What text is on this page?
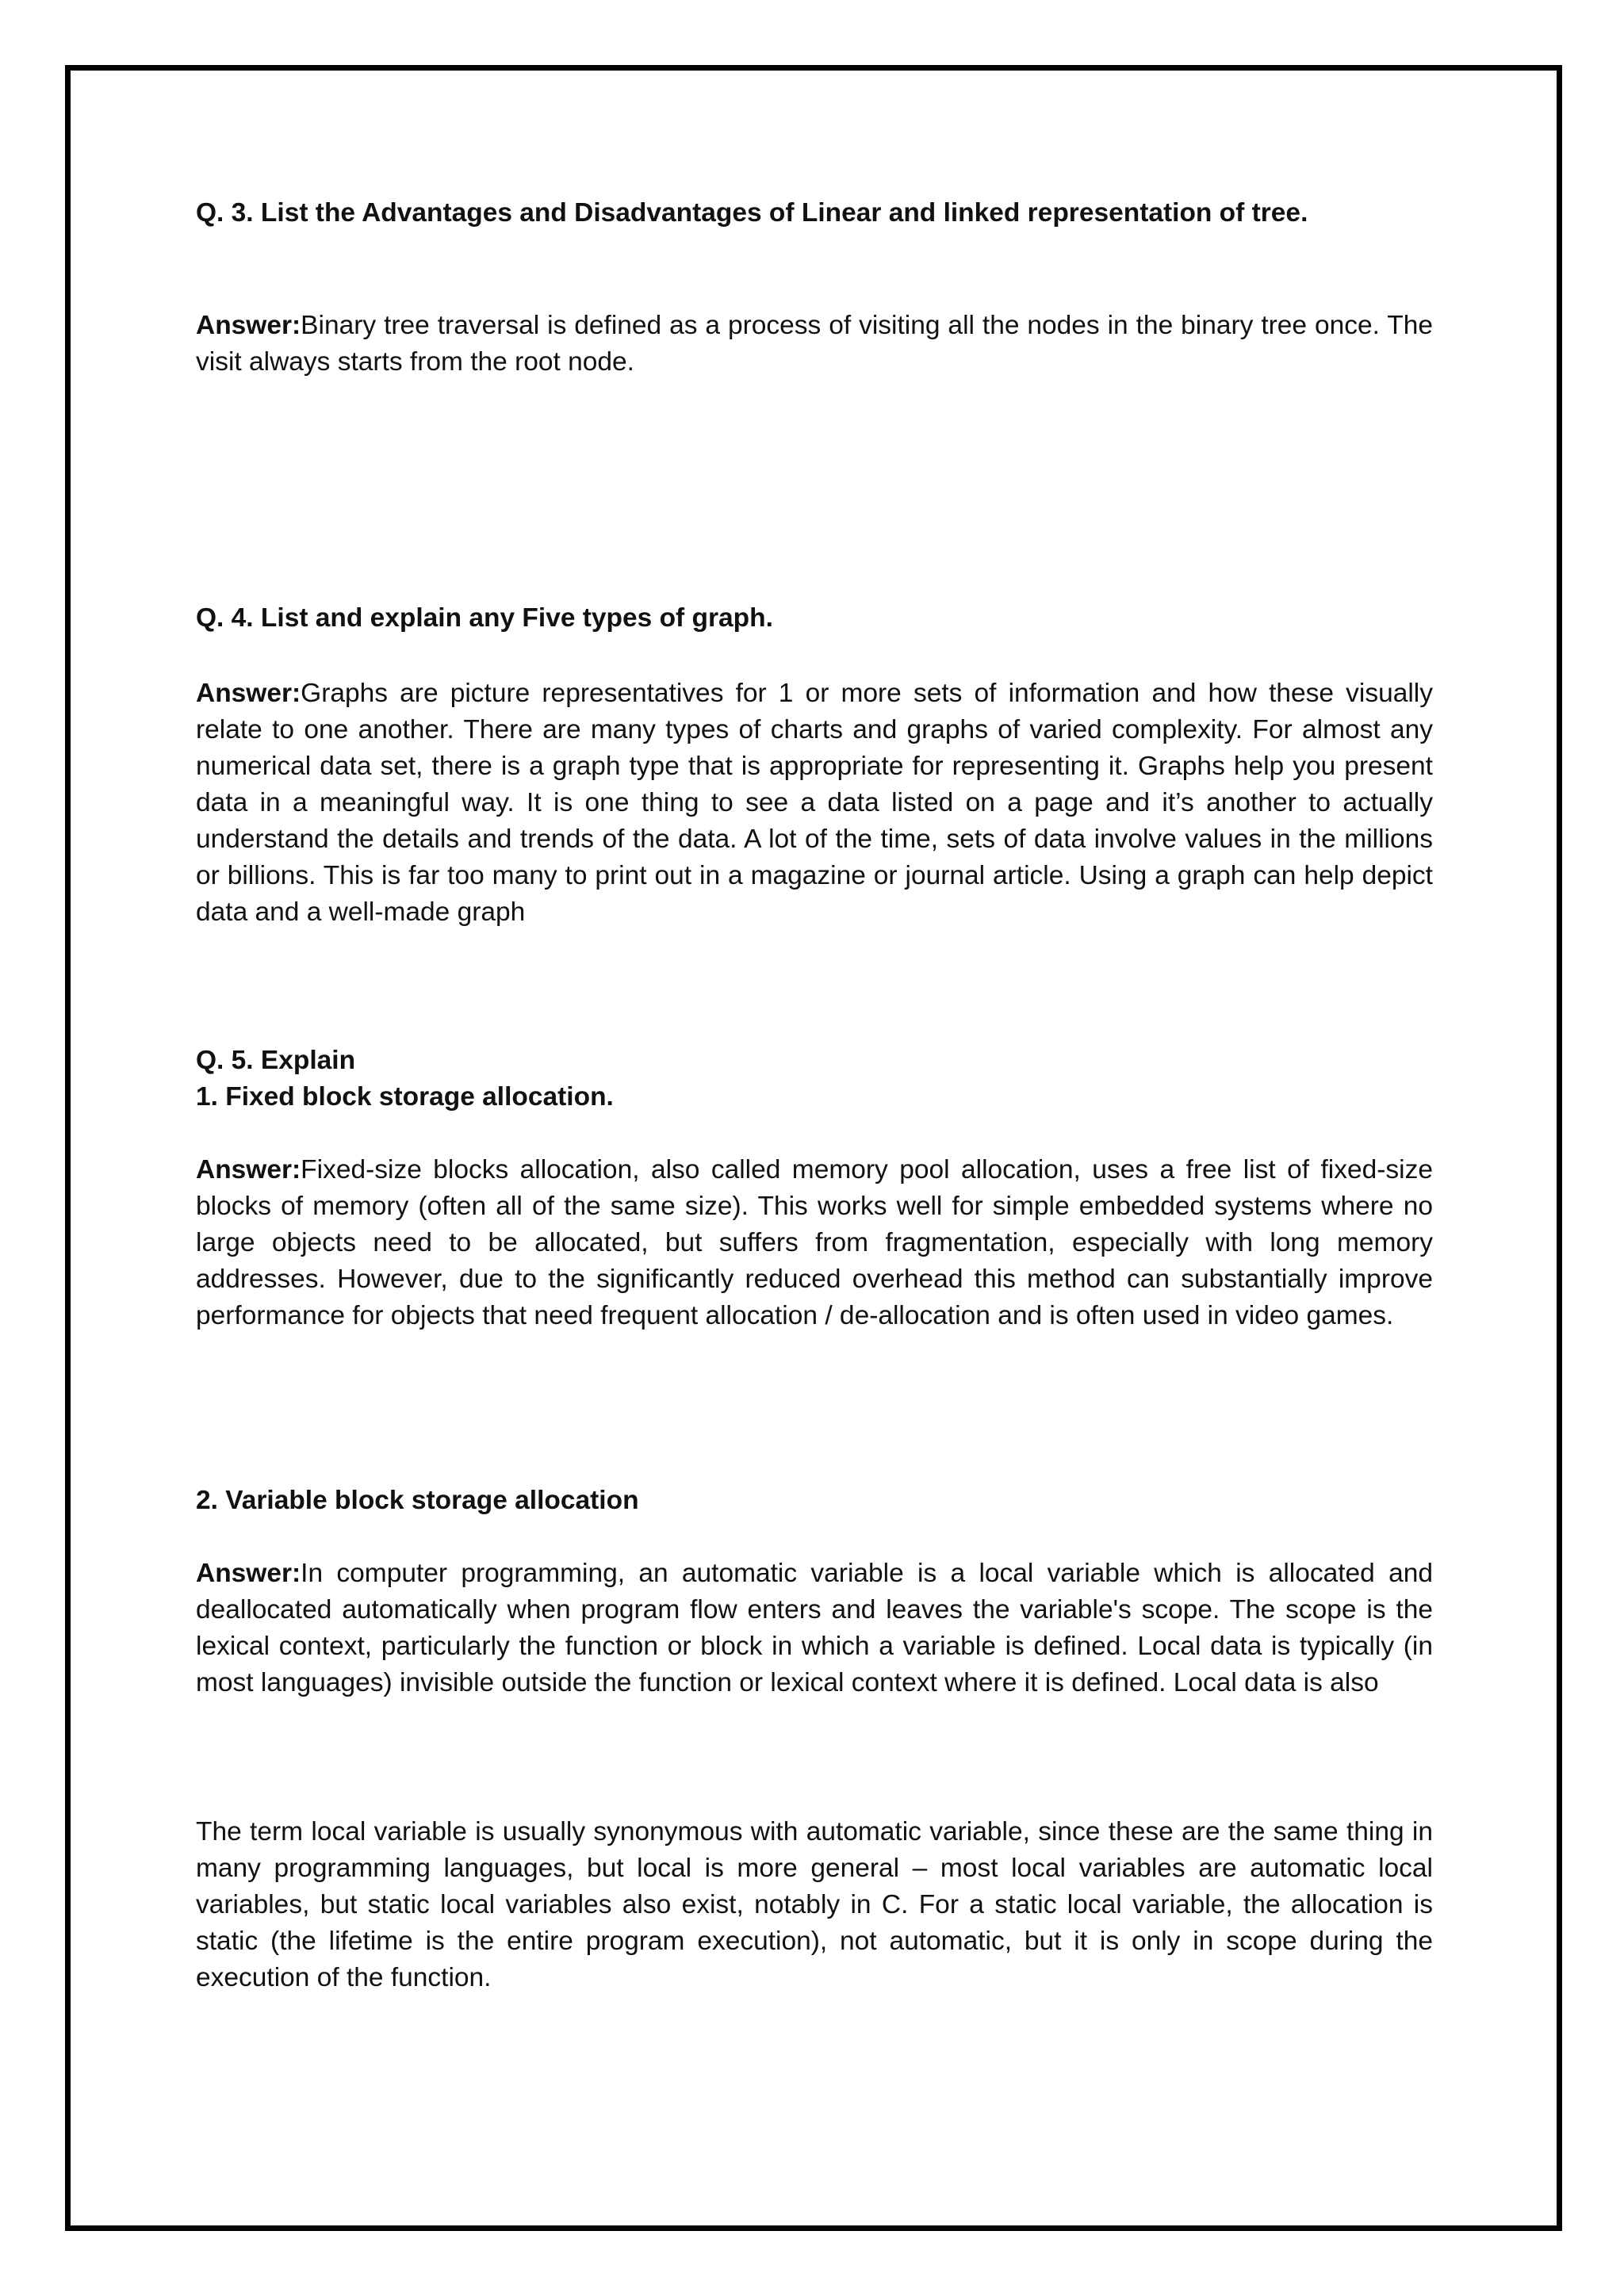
Q. 3. List the Advantages and Disadvantages of Linear and linked representation of tree.

Answer:Binary tree traversal is defined as a process of visiting all the nodes in the binary tree once. The visit always starts from the root node.

Q. 4. List and explain any Five types of graph.

Answer:Graphs are picture representatives for 1 or more sets of information and how these visually relate to one another. There are many types of charts and graphs of varied complexity. For almost any numerical data set, there is a graph type that is appropriate for representing it. Graphs help you present data in a meaningful way. It is one thing to see a data listed on a page and it’s another to actually understand the details and trends of the data. A lot of the time, sets of data involve values in the millions or billions. This is far too many to print out in a magazine or journal article. Using a graph can help depict data and a well-made graph

Q. 5. Explain

1. Fixed block storage allocation.

Answer:Fixed-size blocks allocation, also called memory pool allocation, uses a free list of fixed-size blocks of memory (often all of the same size). This works well for simple embedded systems where no large objects need to be allocated, but suffers from fragmentation, especially with long memory addresses. However, due to the significantly reduced overhead this method can substantially improve performance for objects that need frequent allocation / de-allocation and is often used in video games.

2. Variable block storage allocation

Answer:In computer programming, an automatic variable is a local variable which is allocated and deallocated automatically when program flow enters and leaves the variable's scope. The scope is the lexical context, particularly the function or block in which a variable is defined. Local data is typically (in most languages) invisible outside the function or lexical context where it is defined. Local data is also

The term local variable is usually synonymous with automatic variable, since these are the same thing in many programming languages, but local is more general – most local variables are automatic local variables, but static local variables also exist, notably in C. For a static local variable, the allocation is static (the lifetime is the entire program execution), not automatic, but it is only in scope during the execution of the function.
